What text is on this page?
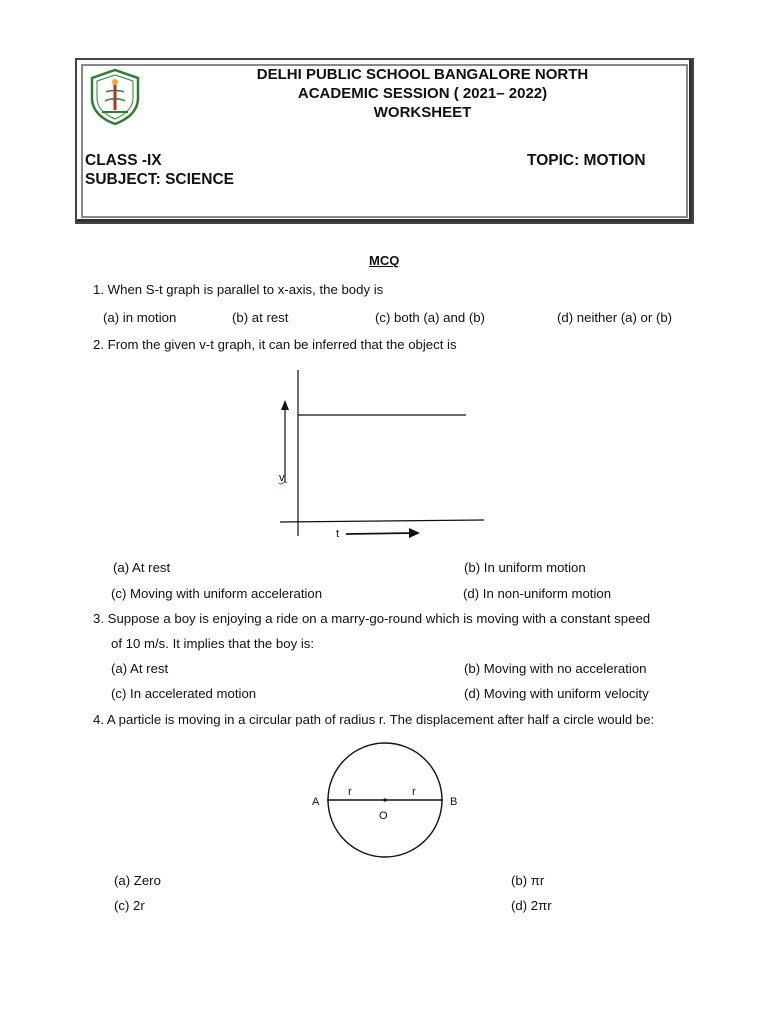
DELHI PUBLIC SCHOOL BANGALORE NORTH
ACADEMIC SESSION ( 2021– 2022)
WORKSHEET
CLASS -IX	TOPIC: MOTION
SUBJECT: SCIENCE
MCQ
1. When S-t graph is parallel to x-axis, the body is
(a) in motion	(b) at rest	(c) both (a) and (b)	(d) neither (a) or (b)
2. From the given v-t graph, it can be inferred that the object is
v
t
(a) At rest	(b) In uniform motion
(c) Moving with uniform acceleration	(d) In non-uniform motion
3. Suppose a boy is enjoying a ride on a marry-go-round which is moving with a constant speed
of 10 m/s. It implies that the boy is:
(a) At rest	(b) Moving with no acceleration
(c) In accelerated motion	(d) Moving with uniform velocity
4. A particle is moving in a circular path of radius r. The displacement after half a circle would be:
A	B
O
r	r
(a) Zero	(b) πr
(c) 2r	(d) 2πr
